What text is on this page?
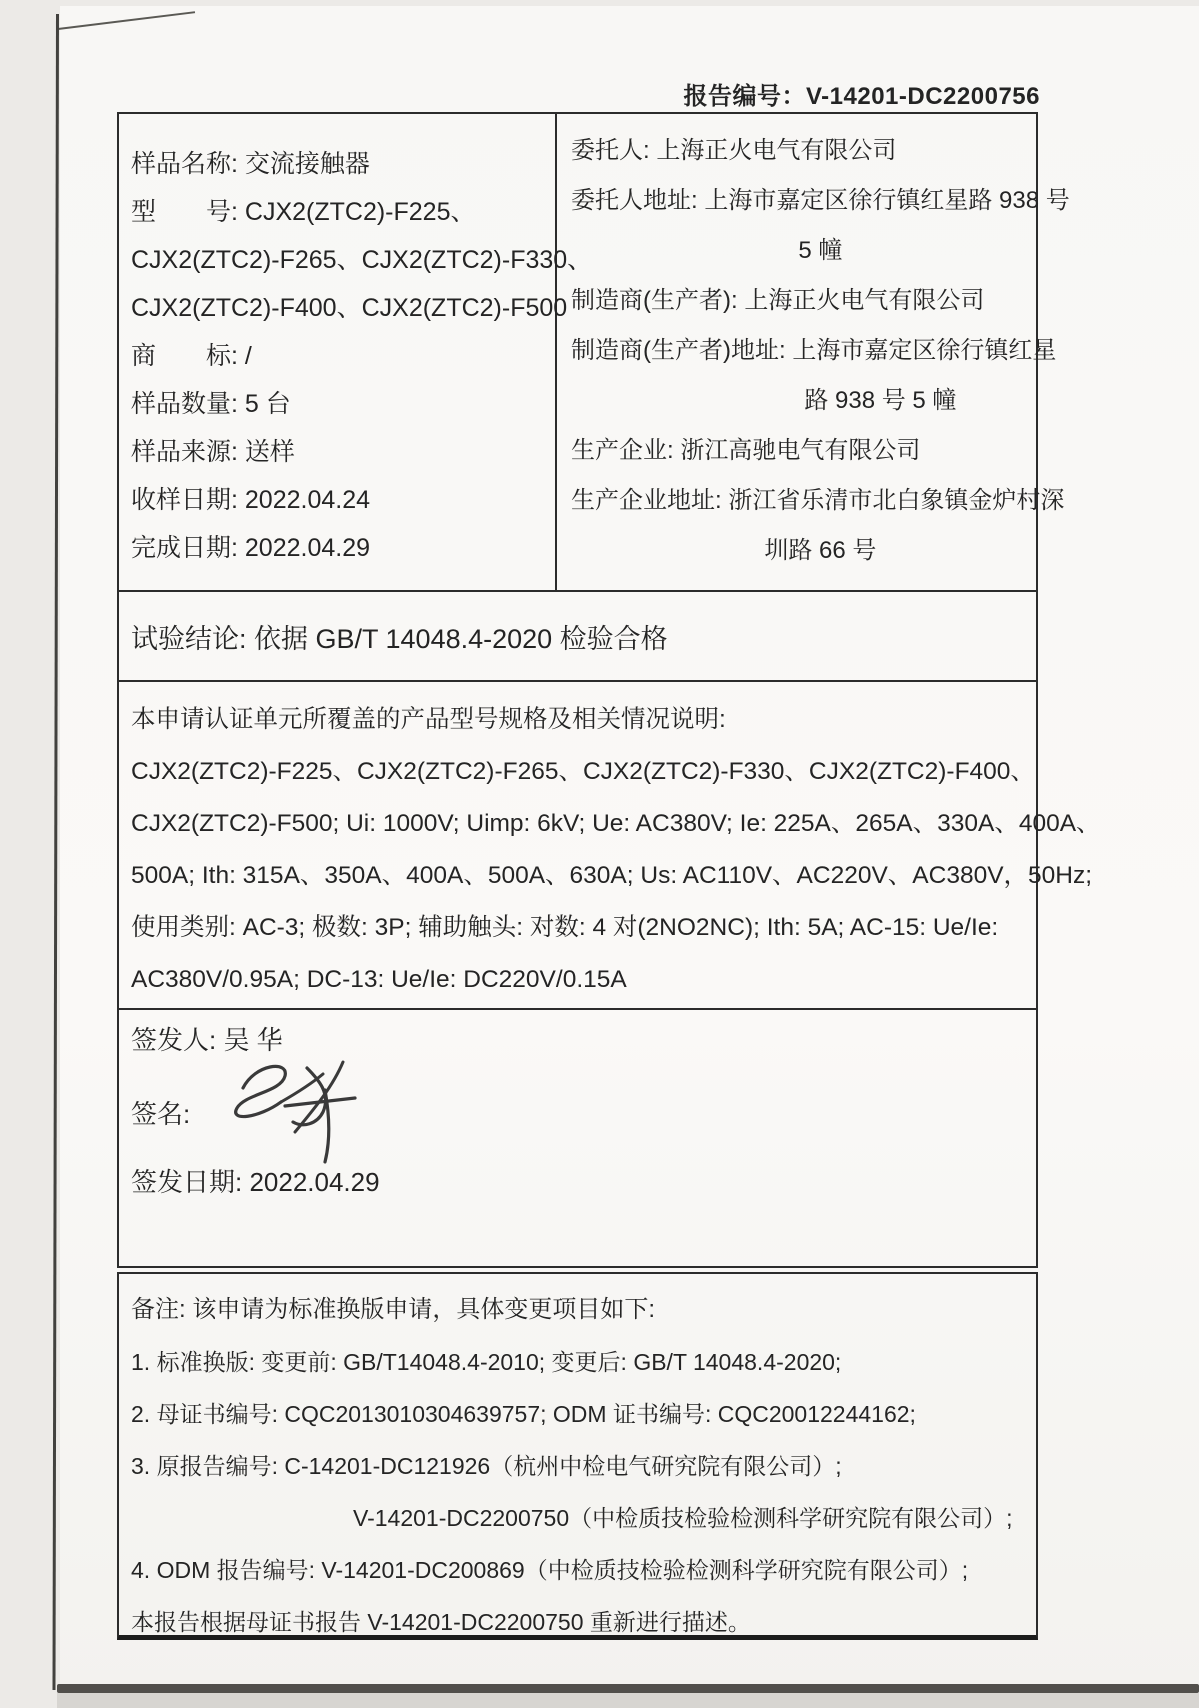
报告编号：V-14201-DC2200756
样品名称: 交流接触器
型　　号: CJX2(ZTC2)-F225、
CJX2(ZTC2)-F265、CJX2(ZTC2)-F330、
CJX2(ZTC2)-F400、CJX2(ZTC2)-F500
商　　标: /
样品数量: 5 台
样品来源: 送样
收样日期: 2022.04.24
完成日期: 2022.04.29
委托人: 上海正火电气有限公司
委托人地址: 上海市嘉定区徐行镇红星路 938 号
5 幢
制造商(生产者): 上海正火电气有限公司
制造商(生产者)地址: 上海市嘉定区徐行镇红星
路 938 号 5 幢
生产企业: 浙江高驰电气有限公司
生产企业地址: 浙江省乐清市北白象镇金炉村深
圳路 66 号
试验结论: 依据 GB/T 14048.4-2020 检验合格
本申请认证单元所覆盖的产品型号规格及相关情况说明:
CJX2(ZTC2)-F225、CJX2(ZTC2)-F265、CJX2(ZTC2)-F330、CJX2(ZTC2)-F400、
CJX2(ZTC2)-F500; Ui: 1000V; Uimp: 6kV; Ue: AC380V; Ie: 225A、265A、330A、400A、
500A; Ith: 315A、350A、400A、500A、630A; Us: AC110V、AC220V、AC380V，50Hz;
使用类别: AC-3; 极数: 3P; 辅助触头: 对数: 4 对(2NO2NC); Ith: 5A; AC-15: Ue/Ie:
AC380V/0.95A; DC-13: Ue/Ie: DC220V/0.15A
签发人: 吴 华
签名:
签发日期: 2022.04.29
备注: 该申请为标准换版申请，具体变更项目如下:
1. 标准换版: 变更前: GB/T14048.4-2010; 变更后: GB/T 14048.4-2020;
2. 母证书编号: CQC2013010304639757; ODM 证书编号: CQC20012244162;
3. 原报告编号: C-14201-DC121926（杭州中检电气研究院有限公司）;
V-14201-DC2200750（中检质技检验检测科学研究院有限公司）;
4. ODM 报告编号: V-14201-DC200869（中检质技检验检测科学研究院有限公司）;
本报告根据母证书报告 V-14201-DC2200750 重新进行描述。
